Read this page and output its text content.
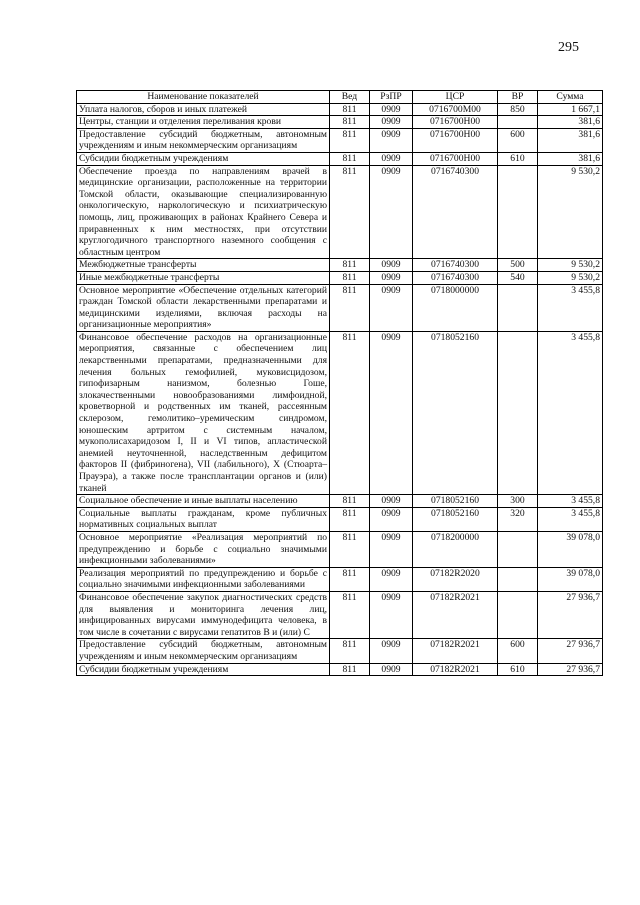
295
Наименование показателей	Вед	РзПР	ЦСР	ВР	Сумма
Уплата налогов, сборов и иных платежей	811	0909	0716700М00	850	1 667,1
Центры, станции и отделения переливания крови	811	0909	0716700Н00		381,6
Предоставление субсидий бюджетным, автономным учреждениям и иным некоммерческим организациям	811	0909	0716700Н00	600	381,6
Субсидии бюджетным учреждениям	811	0909	0716700Н00	610	381,6
Обеспечение проезда по направлениям врачей в медицинские организации, расположенные на территории Томской области, оказывающие специализированную онкологическую, наркологическую и психиатрическую помощь, лиц, проживающих в районах Крайнего Севера и приравненных к ним местностях, при отсутствии круглогодичного транспортного наземного сообщения с областным центром	811	0909	0716740300		9 530,2
Межбюджетные трансферты	811	0909	0716740300	500	9 530,2
Иные межбюджетные трансферты	811	0909	0716740300	540	9 530,2
Основное мероприятие «Обеспечение отдельных категорий граждан Томской области лекарственными препаратами и медицинскими изделиями, включая расходы на организационные мероприятия»	811	0909	0718000000		3 455,8
Финансовое обеспечение расходов на организационные мероприятия, связанные с обеспечением лиц лекарственными препаратами, предназначенными для лечения больных гемофилией, муковисцидозом, гипофизарным нанизмом, болезнью Гоше, злокачественными новообразованиями лимфоидной, кроветворной и родственных им тканей, рассеянным склерозом, гемолитико–уремическим синдромом, юношеским артритом с системным началом, мукополисахаридозом I, II и VI типов, апластической анемией неуточненной, наследственным дефицитом факторов II (фибриногена), VII (лабильного), X (Стюарта–Прауэра), а также после трансплантации органов и (или) тканей	811	0909	0718052160		3 455,8
Социальное обеспечение и иные выплаты населению	811	0909	0718052160	300	3 455,8
Социальные выплаты гражданам, кроме публичных нормативных социальных выплат	811	0909	0718052160	320	3 455,8
Основное мероприятие «Реализация мероприятий по предупреждению и борьбе с социально значимыми инфекционными заболеваниями»	811	0909	0718200000		39 078,0
Реализация мероприятий по предупреждению и борьбе с социально значимыми инфекционными заболеваниями	811	0909	07182R2020		39 078,0
Финансовое обеспечение закупок диагностических средств для выявления и мониторинга лечения лиц, инфицированных вирусами иммунодефицита человека, в том числе в сочетании с вирусами гепатитов В и (или) С	811	0909	07182R2021		27 936,7
Предоставление субсидий бюджетным, автономным учреждениям и иным некоммерческим организациям	811	0909	07182R2021	600	27 936,7
Субсидии бюджетным учреждениям	811	0909	07182R2021	610	27 936,7
